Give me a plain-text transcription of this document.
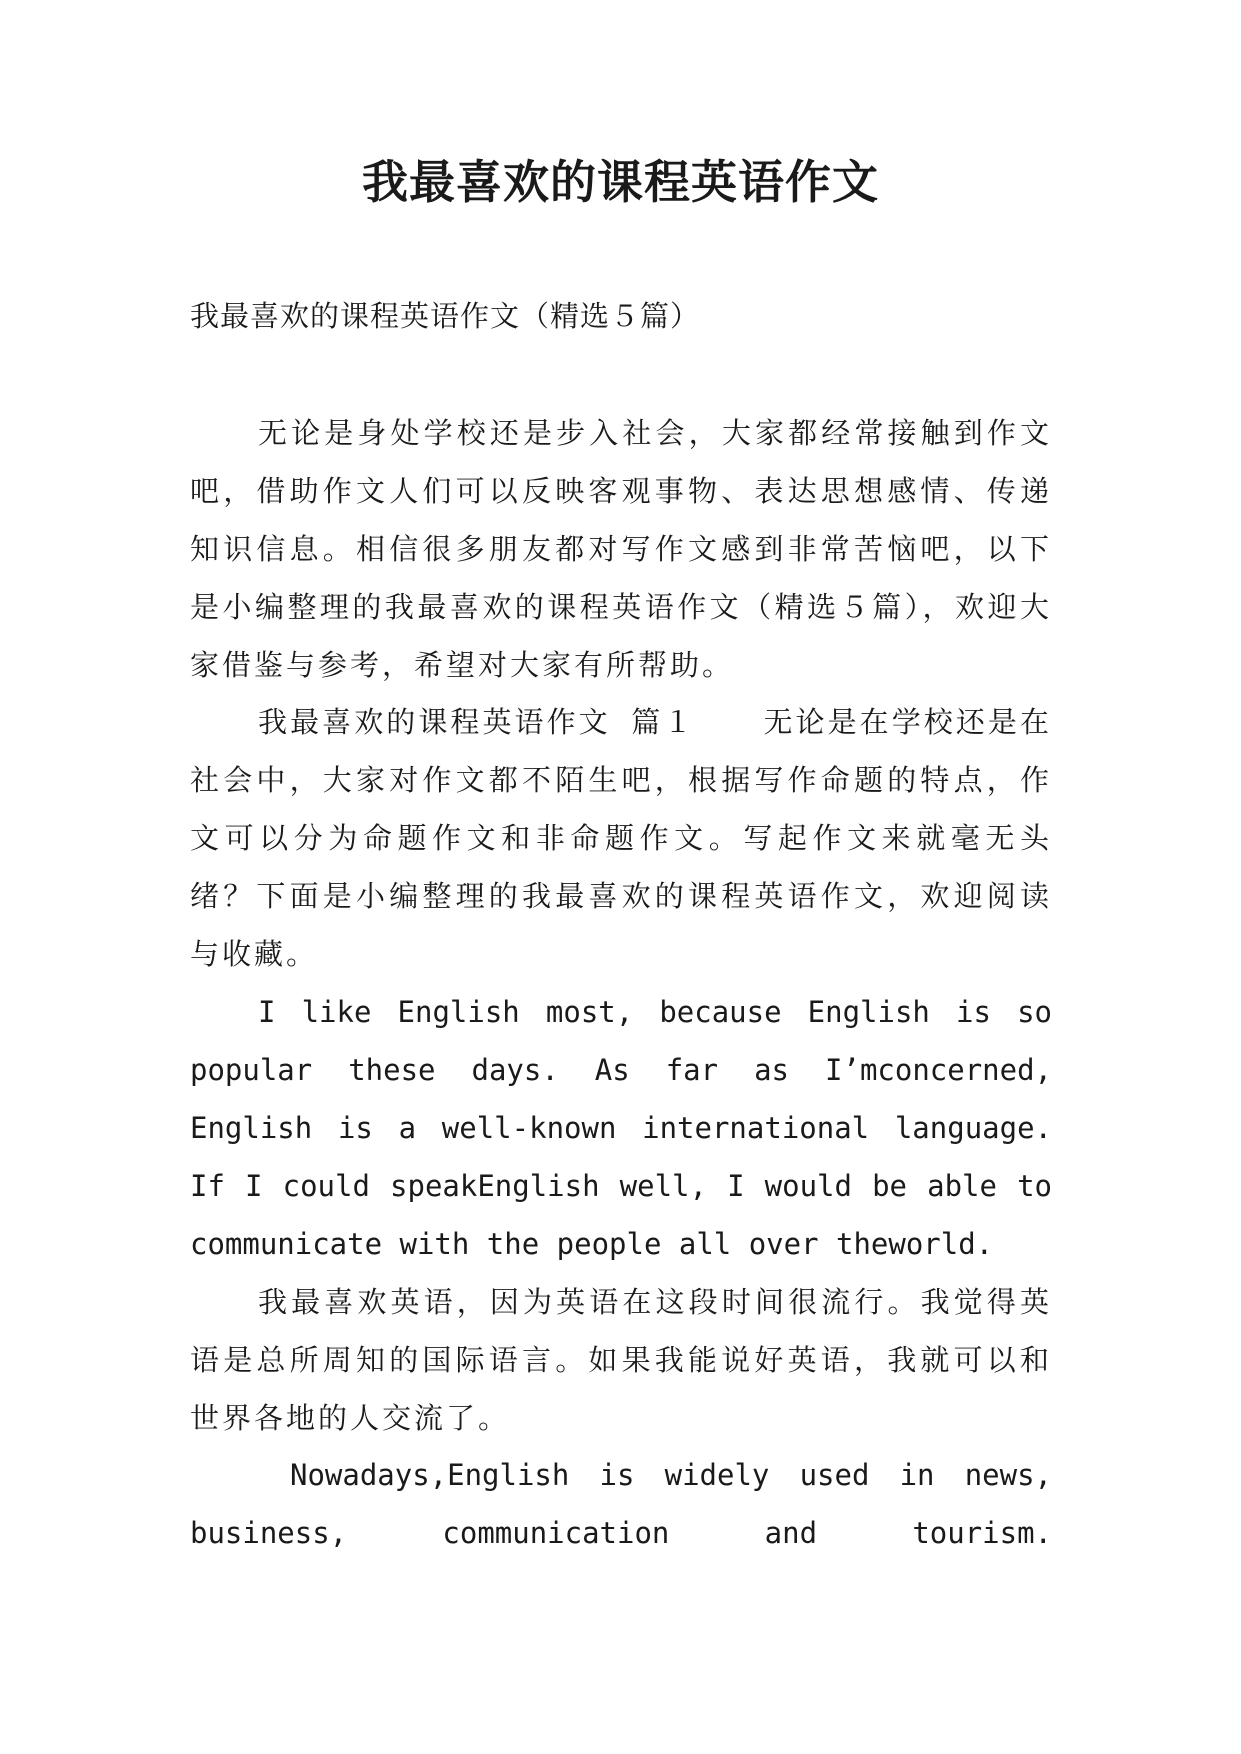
我最喜欢的课程英语作文
我最喜欢的课程英语作文（精选５篇）

无论是身处学校还是步入社会，大家都经常接触到作文吧，借助作文人们可以反映客观事物、表达思想感情、传递知识信息。相信很多朋友都对写作文感到非常苦恼吧，以下是小编整理的我最喜欢的课程英语作文（精选５篇），欢迎大家借鉴与参考，希望对大家有所帮助。

我最喜欢的课程英语作文 篇１ 无论是在学校还是在社会中，大家对作文都不陌生吧，根据写作命题的特点，作文可以分为命题作文和非命题作文。写起作文来就毫无头绪？下面是小编整理的我最喜欢的课程英语作文，欢迎阅读与收藏。

I like English most, because English is so popular these days. As far as I’mconcerned, English is a well-known international language. If I could speakEnglish well, I would be able to communicate with the people all over theworld.

我最喜欢英语，因为英语在这段时间很流行。我觉得英语是总所周知的国际语言。如果我能说好英语，我就可以和世界各地的人交流了。

Nowadays,English is widely used in news,
business, communication and tourism.
